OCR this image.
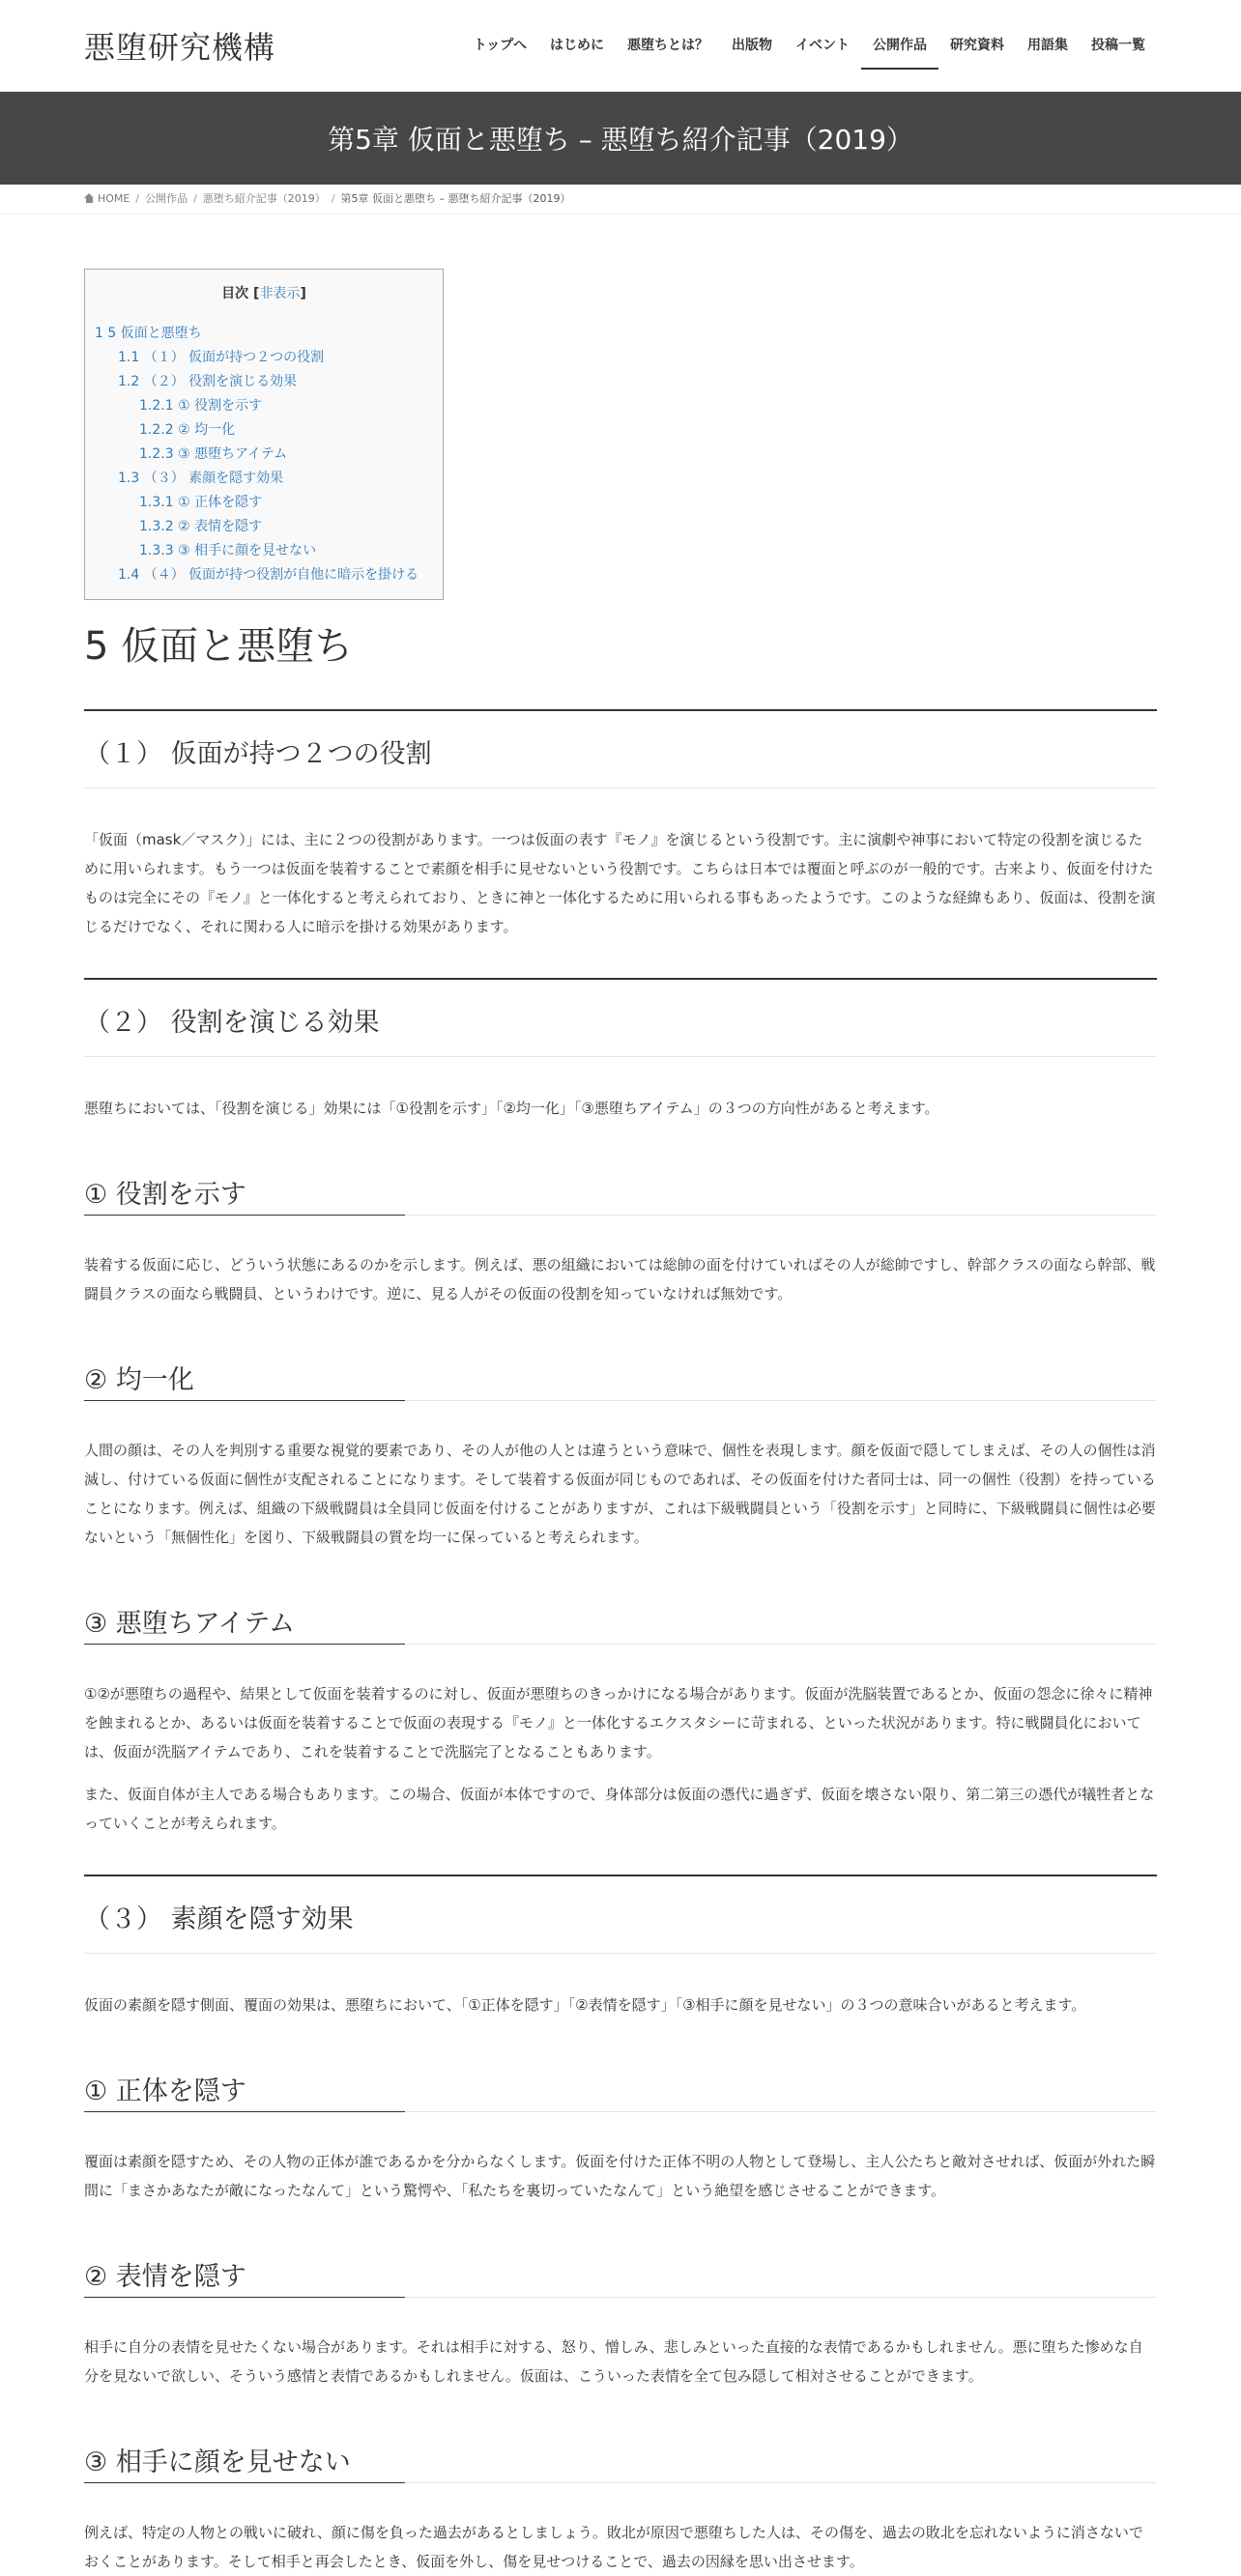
悪堕研究機構	トップへ	はじめに	悪堕ちとは？	出版物	イベント	公開作品	研究資料	用語集	投稿一覧
第5章 仮面と悪堕ち – 悪堕ち紹介記事（2019）
HOME / 公開作品 / 悪堕ち紹介記事（2019） / 第5章 仮面と悪堕ち – 悪堕ち紹介記事（2019）
目次 [非表示]
1 5 仮面と悪堕ち
1.1 （１） 仮面が持つ２つの役割
1.2 （２） 役割を演じる効果
1.2.1 ① 役割を示す
1.2.2 ② 均一化
1.2.3 ③ 悪堕ちアイテム
1.3 （３） 素顔を隠す効果
1.3.1 ① 正体を隠す
1.3.2 ② 表情を隠す
1.3.3 ③ 相手に顔を見せない
1.4 （４） 仮面が持つ役割が自他に暗示を掛ける
5 仮面と悪堕ち
（１） 仮面が持つ２つの役割

「仮面（mask／マスク）」には、主に２つの役割があります。一つは仮面の表す『モノ』を演じるという役割です。主に演劇や神事において特定の役割を演じるために用いられます。もう一つは仮面を装着することで素顔を相手に見せないという役割です。こちらは日本では覆面と呼ぶのが一般的です。古来より、仮面を付けたものは完全にその『モノ』と一体化すると考えられており、ときに神と一体化するために用いられる事もあったようです。このような経緯もあり、仮面は、役割を演じるだけでなく、それに関わる人に暗示を掛ける効果があります。

（２） 役割を演じる効果

悪堕ちにおいては、「役割を演じる」効果には「①役割を示す」「②均一化」「③悪堕ちアイテム」の３つの方向性があると考えます。

① 役割を示す

装着する仮面に応じ、どういう状態にあるのかを示します。例えば、悪の組織においては総帥の面を付けていればその人が総帥ですし、幹部クラスの面なら幹部、戦闘員クラスの面なら戦闘員、というわけです。逆に、見る人がその仮面の役割を知っていなければ無効です。

② 均一化

人間の顔は、その人を判別する重要な視覚的要素であり、その人が他の人とは違うという意味で、個性を表現します。顔を仮面で隠してしまえば、その人の個性は消滅し、付けている仮面に個性が支配されることになります。そして装着する仮面が同じものであれば、その仮面を付けた者同士は、同一の個性（役割）を持っていることになります。例えば、組織の下級戦闘員は全員同じ仮面を付けることがありますが、これは下級戦闘員という「役割を示す」と同時に、下級戦闘員に個性は必要ないという「無個性化」を図り、下級戦闘員の質を均一に保っていると考えられます。

③ 悪堕ちアイテム

①②が悪堕ちの過程や、結果として仮面を装着するのに対し、仮面が悪堕ちのきっかけになる場合があります。仮面が洗脳装置であるとか、仮面の怨念に徐々に精神を蝕まれるとか、あるいは仮面を装着することで仮面の表現する『モノ』と一体化するエクスタシーに苛まれる、といった状況があります。特に戦闘員化においては、仮面が洗脳アイテムであり、これを装着することで洗脳完了となることもあります。

また、仮面自体が主人である場合もあります。この場合、仮面が本体ですので、身体部分は仮面の憑代に過ぎず、仮面を壊さない限り、第二第三の憑代が犠牲者となっていくことが考えられます。

（３） 素顔を隠す効果

仮面の素顔を隠す側面、覆面の効果は、悪堕ちにおいて、「①正体を隠す」「②表情を隠す」「③相手に顔を見せない」の３つの意味合いがあると考えます。

① 正体を隠す

覆面は素顔を隠すため、その人物の正体が誰であるかを分からなくします。仮面を付けた正体不明の人物として登場し、主人公たちと敵対させれば、仮面が外れた瞬間に「まさかあなたが敵になったなんて」という驚愕や、「私たちを裏切っていたなんて」という絶望を感じさせることができます。

② 表情を隠す

相手に自分の表情を見せたくない場合があります。それは相手に対する、怒り、憎しみ、悲しみといった直接的な表情であるかもしれません。悪に堕ちた惨めな自分を見ないで欲しい、そういう感情と表情であるかもしれません。仮面は、こういった表情を全て包み隠して相対させることができます。

③ 相手に顔を見せない

例えば、特定の人物との戦いに破れ、顔に傷を負った過去があるとしましょう。敗北が原因で悪堕ちした人は、その傷を、過去の敗北を忘れないように消さないでおくことがあります。そして相手と再会したとき、仮面を外し、傷を見せつけることで、過去の因縁を思い出させます。
